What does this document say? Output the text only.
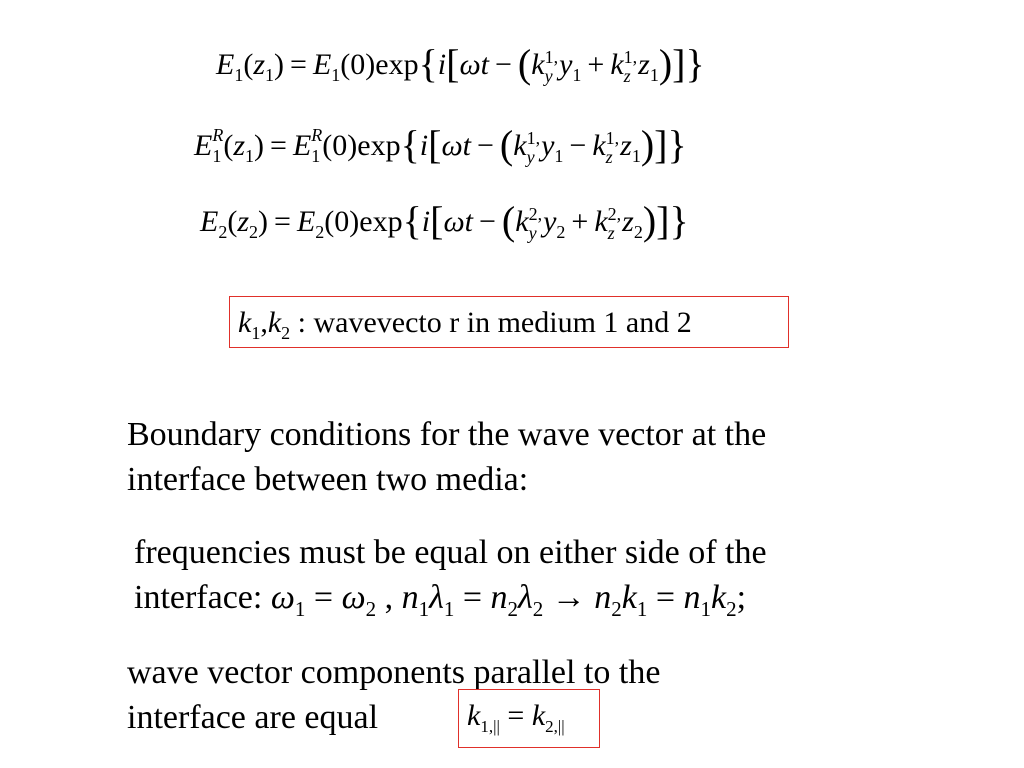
$E_1(z_1) = E_1(0)\exp\{i[\omega t - (k$ 1,
y $y_1 + k$ 1,
z $z_1$)]}
$E_1^R(z_1) = E_1^R(0)\exp\{i[\omega t - (k$ 1,
y $y_1 - k$ 1,
z $z_1$)]}
$E_2(z_2) = E_2(0)\exp\{i[\omega t - (k$ 2,
y $y_2 + k$ 2,
z $z_2$)]}
$k_1,k_2$ : wavevecto r in medium 1 and 2
Boundary conditions for the wave vector at the
interface between two media:
frequencies must be equal on either side of the
interface: $\omega_1 = \omega_2$ , $n_1\lambda_1 = n_2\lambda_2 \to n_2k_1 = n_1k_2$;
wave vector components parallel to the
interface are equal	$k_{1,||} = k_{2,||}$
